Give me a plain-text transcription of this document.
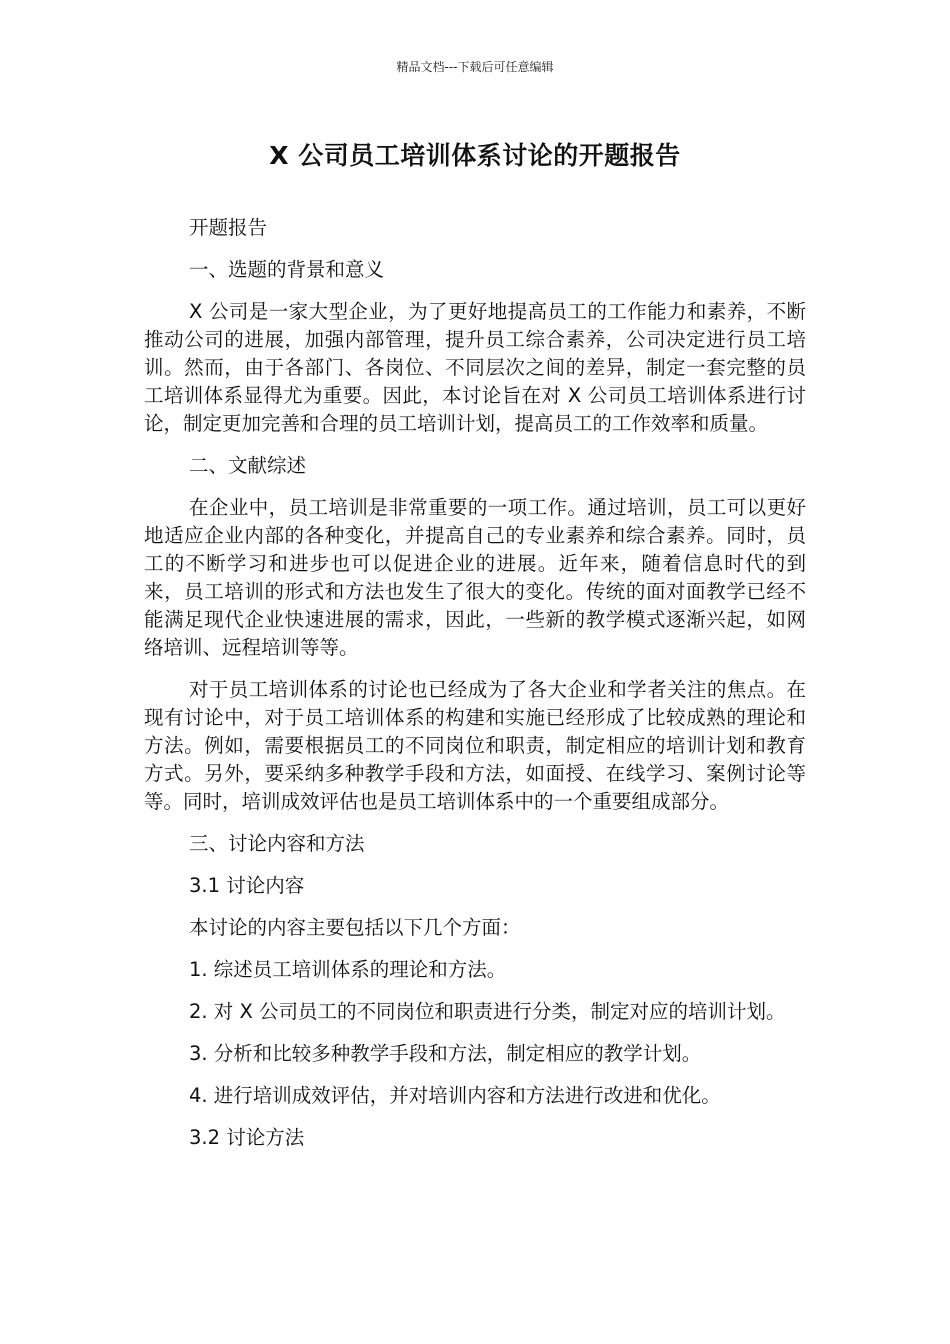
精品文档---下载后可任意编辑
X 公司员工培训体系讨论的开题报告

开题报告

一、选题的背景和意义

X 公司是一家大型企业，为了更好地提高员工的工作能力和素养，不断推动公司的进展，加强内部管理，提升员工综合素养，公司决定进行员工培训。然而，由于各部门、各岗位、不同层次之间的差异，制定一套完整的员工培训体系显得尤为重要。因此，本讨论旨在对 X 公司员工培训体系进行讨论，制定更加完善和合理的员工培训计划，提高员工的工作效率和质量。

二、文献综述

在企业中，员工培训是非常重要的一项工作。通过培训，员工可以更好地适应企业内部的各种变化，并提高自己的专业素养和综合素养。同时，员工的不断学习和进步也可以促进企业的进展。近年来，随着信息时代的到来，员工培训的形式和方法也发生了很大的变化。传统的面对面教学已经不能满足现代企业快速进展的需求，因此，一些新的教学模式逐渐兴起，如网络培训、远程培训等等。

对于员工培训体系的讨论也已经成为了各大企业和学者关注的焦点。在现有讨论中，对于员工培训体系的构建和实施已经形成了比较成熟的理论和方法。例如，需要根据员工的不同岗位和职责，制定相应的培训计划和教育方式。另外，要采纳多种教学手段和方法，如面授、在线学习、案例讨论等等。同时，培训成效评估也是员工培训体系中的一个重要组成部分。

三、讨论内容和方法

3.1 讨论内容

本讨论的内容主要包括以下几个方面：

1. 综述员工培训体系的理论和方法。

2. 对 X 公司员工的不同岗位和职责进行分类，制定对应的培训计划。

3. 分析和比较多种教学手段和方法，制定相应的教学计划。

4. 进行培训成效评估，并对培训内容和方法进行改进和优化。

3.2 讨论方法
